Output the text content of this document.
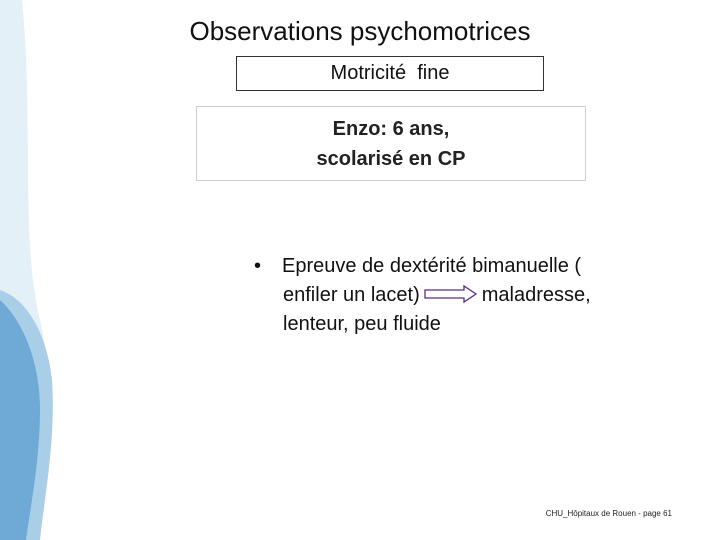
Observations psychomotrices
Motricité  fine
Enzo: 6 ans,
scolarisé en CP
•	Epreuve de dextérité bimanuelle (
enfiler un lacet)	maladresse,
lenteur, peu fluide
CHU_Hôpitaux de Rouen - page 61
